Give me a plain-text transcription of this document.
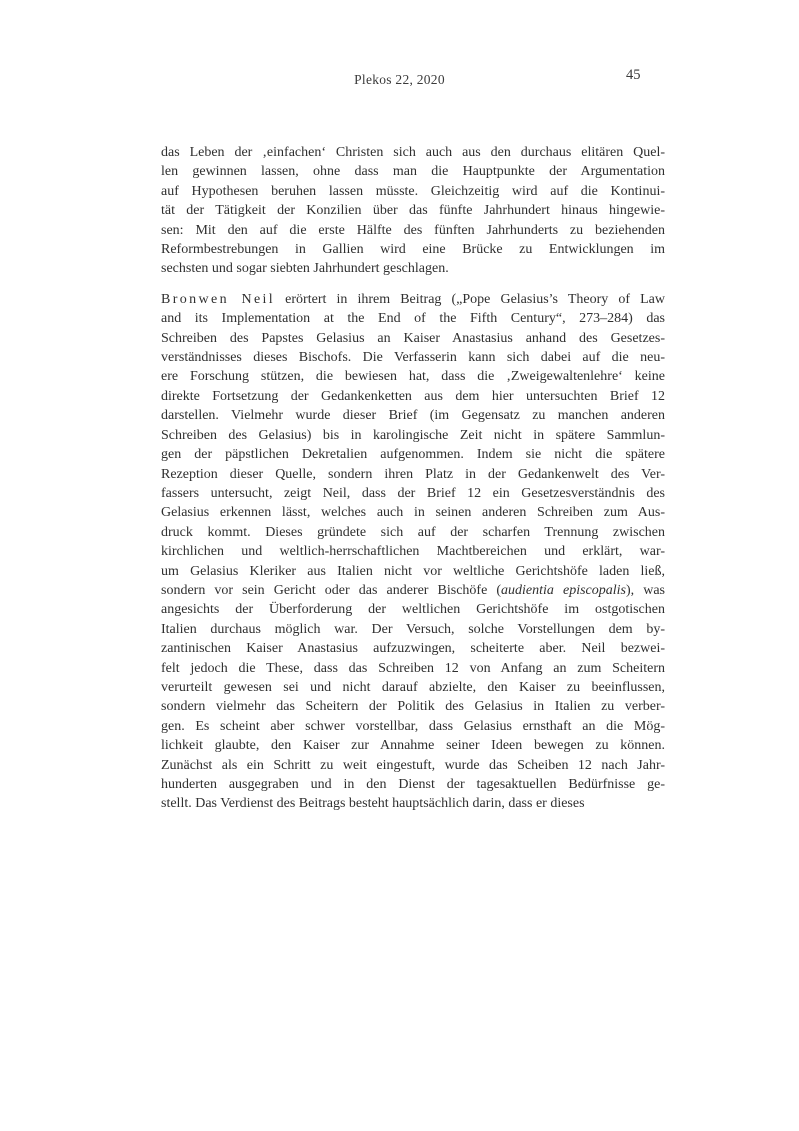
Plekos 22, 2020	45
das Leben der ‚einfachen‘ Christen sich auch aus den durchaus elitären Quel-
len gewinnen lassen, ohne dass man die Hauptpunkte der Argumentation
auf Hypothesen beruhen lassen müsste. Gleichzeitig wird auf die Kontinui-
tät der Tätigkeit der Konzilien über das fünfte Jahrhundert hinaus hingewie-
sen: Mit den auf die erste Hälfte des fünften Jahrhunderts zu beziehenden
Reformbestrebungen in Gallien wird eine Brücke zu Entwicklungen im
sechsten und sogar siebten Jahrhundert geschlagen.
Bronwen Neil erörtert in ihrem Beitrag („Pope Gelasius’s Theory of Law
and its Implementation at the End of the Fifth Century“, 273–284) das
Schreiben des Papstes Gelasius an Kaiser Anastasius anhand des Gesetzes-
verständnisses dieses Bischofs. Die Verfasserin kann sich dabei auf die neu-
ere Forschung stützen, die bewiesen hat, dass die ‚Zweigewaltenlehre‘ keine
direkte Fortsetzung der Gedankenketten aus dem hier untersuchten Brief 12
darstellen. Vielmehr wurde dieser Brief (im Gegensatz zu manchen anderen
Schreiben des Gelasius) bis in karolingische Zeit nicht in spätere Sammlun-
gen der päpstlichen Dekretalien aufgenommen. Indem sie nicht die spätere
Rezeption dieser Quelle, sondern ihren Platz in der Gedankenwelt des Ver-
fassers untersucht, zeigt Neil, dass der Brief 12 ein Gesetzesverständnis des
Gelasius erkennen lässt, welches auch in seinen anderen Schreiben zum Aus-
druck kommt. Dieses gründete sich auf der scharfen Trennung zwischen
kirchlichen und weltlich-herrschaftlichen Machtbereichen und erklärt, war-
um Gelasius Kleriker aus Italien nicht vor weltliche Gerichtshöfe laden ließ,
sondern vor sein Gericht oder das anderer Bischöfe (audientia episcopalis), was
angesichts der Überforderung der weltlichen Gerichtshöfe im ostgotischen
Italien durchaus möglich war. Der Versuch, solche Vorstellungen dem by-
zantinischen Kaiser Anastasius aufzuzwingen, scheiterte aber. Neil bezwei-
felt jedoch die These, dass das Schreiben 12 von Anfang an zum Scheitern
verurteilt gewesen sei und nicht darauf abzielte, den Kaiser zu beeinflussen,
sondern vielmehr das Scheitern der Politik des Gelasius in Italien zu verber-
gen. Es scheint aber schwer vorstellbar, dass Gelasius ernsthaft an die Mög-
lichkeit glaubte, den Kaiser zur Annahme seiner Ideen bewegen zu können.
Zunächst als ein Schritt zu weit eingestuft, wurde das Scheiben 12 nach Jahr-
hunderten ausgegraben und in den Dienst der tagesaktuellen Bedürfnisse ge-
stellt. Das Verdienst des Beitrags besteht hauptsächlich darin, dass er dieses
